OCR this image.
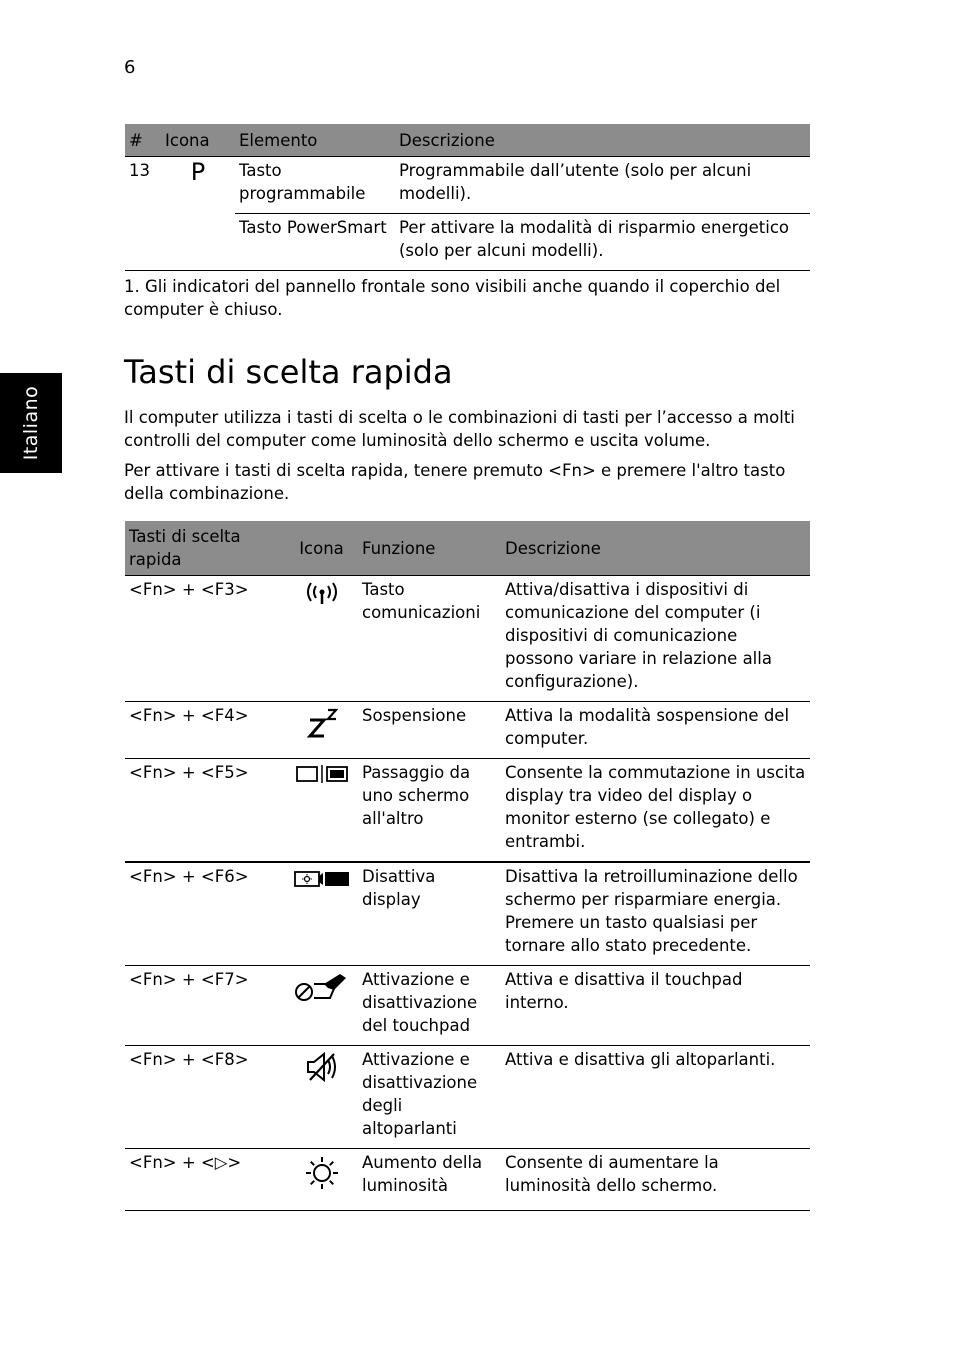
6
Italiano
#	Icona	Elemento	Descrizione
13	P	Tasto programmabile	Programmabile dall’utente (solo per alcuni modelli).
		Tasto PowerSmart	Per attivare la modalità di risparmio energetico (solo per alcuni modelli).
1. Gli indicatori del pannello frontale sono visibili anche quando il coperchio del computer è chiuso.
Tasti di scelta rapida

Il computer utilizza i tasti di scelta o le combinazioni di tasti per l’accesso a molti controlli del computer come luminosità dello schermo e uscita volume.

Per attivare i tasti di scelta rapida, tenere premuto <Fn> e premere l'altro tasto della combinazione.

Tasti di scelta rapida	Icona	Funzione	Descrizione
<Fn> + <F3>		Tasto comunicazioni	Attiva/disattiva i dispositivi di comunicazione del computer (i dispositivi di comunicazione possono variare in relazione alla configurazione).
<Fn> + <F4>		Sospensione	Attiva la modalità sospensione del computer.
<Fn> + <F5>		Passaggio da uno schermo all'altro	Consente la commutazione in uscita display tra video del display o monitor esterno (se collegato) e entrambi.
<Fn> + <F6>		Disattiva display	Disattiva la retroilluminazione dello schermo per risparmiare energia. Premere un tasto qualsiasi per tornare allo stato precedente.
<Fn> + <F7>		Attivazione e disattivazione del touchpad	Attiva e disattiva il touchpad interno.
<Fn> + <F8>		Attivazione e disattivazione degli altoparlanti	Attiva e disattiva gli altoparlanti.
<Fn> + <▷>		Aumento della luminosità	Consente di aumentare la luminosità dello schermo.
